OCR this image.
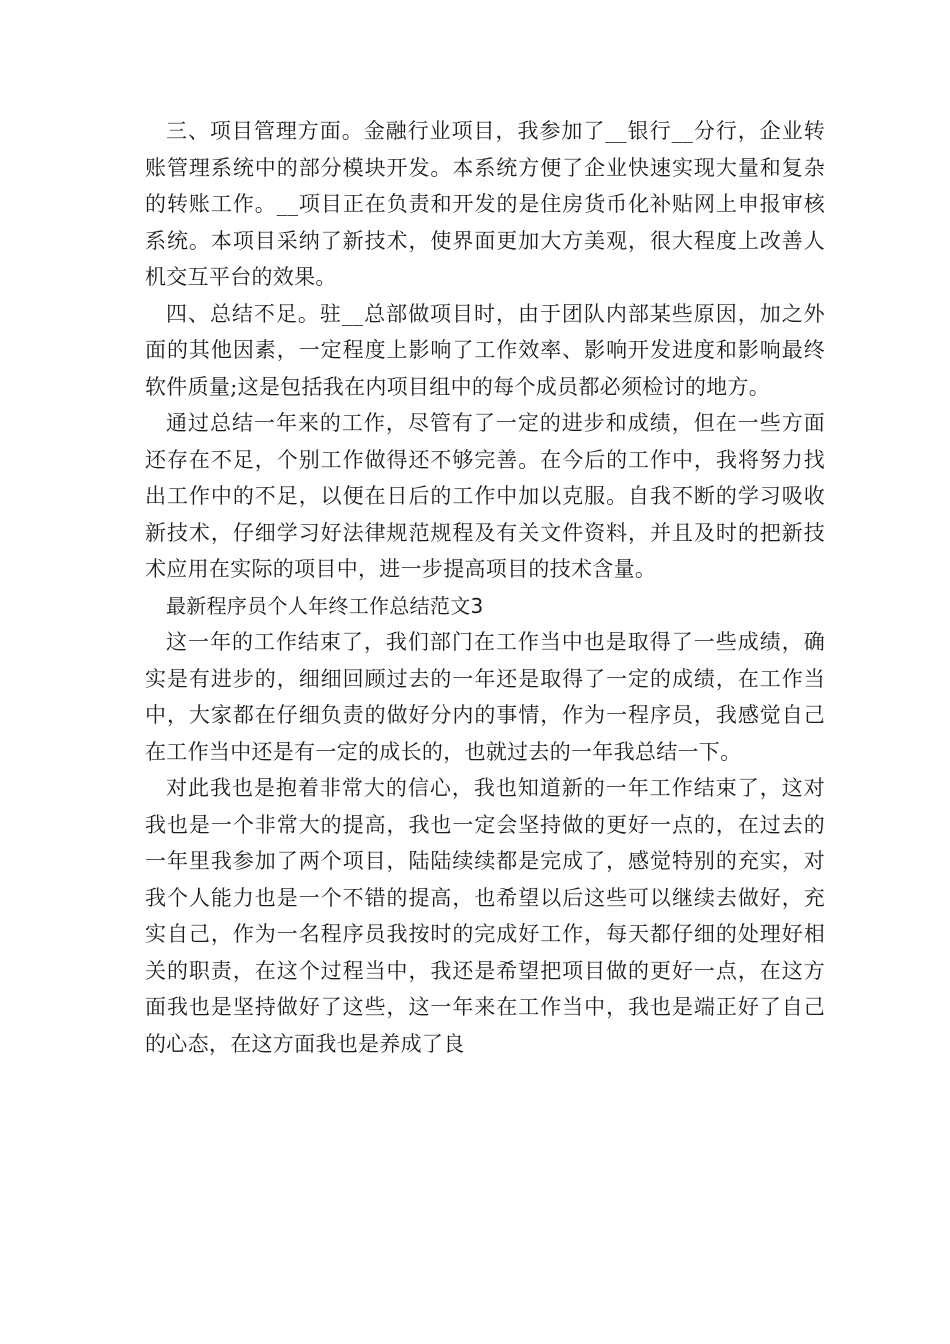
三、项目管理方面。金融行业项目，我参加了__银行__分行，企业转账管理系统中的部分模块开发。本系统方便了企业快速实现大量和复杂的转账工作。__项目正在负责和开发的是住房货币化补贴网上申报审核系统。本项目采纳了新技术，使界面更加大方美观，很大程度上改善人机交互平台的效果。

四、总结不足。驻__总部做项目时，由于团队内部某些原因，加之外面的其他因素，一定程度上影响了工作效率、影响开发进度和影响最终软件质量;这是包括我在内项目组中的每个成员都必须检讨的地方。

通过总结一年来的工作，尽管有了一定的进步和成绩，但在一些方面还存在不足，个别工作做得还不够完善。在今后的工作中，我将努力找出工作中的不足，以便在日后的工作中加以克服。自我不断的学习吸收新技术，仔细学习好法律规范规程及有关文件资料，并且及时的把新技术应用在实际的项目中，进一步提高项目的技术含量。

最新程序员个人年终工作总结范文3

这一年的工作结束了，我们部门在工作当中也是取得了一些成绩，确实是有进步的，细细回顾过去的一年还是取得了一定的成绩，在工作当中，大家都在仔细负责的做好分内的事情，作为一程序员，我感觉自己在工作当中还是有一定的成长的，也就过去的一年我总结一下。

对此我也是抱着非常大的信心，我也知道新的一年工作结束了，这对我也是一个非常大的提高，我也一定会坚持做的更好一点的，在过去的一年里我参加了两个项目，陆陆续续都是完成了，感觉特别的充实，对我个人能力也是一个不错的提高，也希望以后这些可以继续去做好，充实自己，作为一名程序员我按时的完成好工作，每天都仔细的处理好相关的职责，在这个过程当中，我还是希望把项目做的更好一点，在这方面我也是坚持做好了这些，这一年来在工作当中，我也是端正好了自己的心态，在这方面我也是养成了良
